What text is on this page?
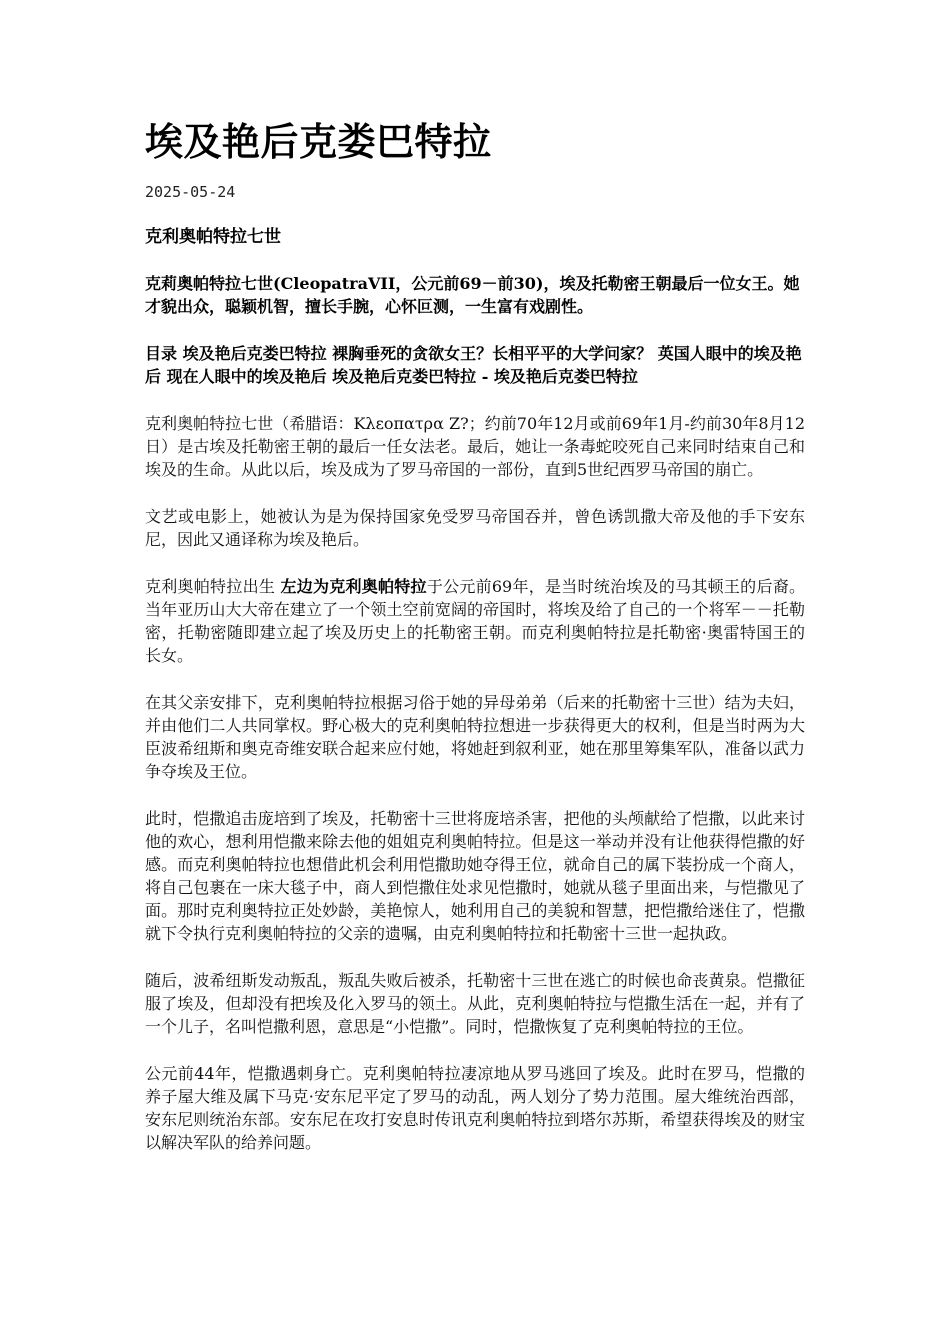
埃及艳后克娄巴特拉
2025-05-24
克利奥帕特拉七世
克莉奥帕特拉七世(CleopatraVII，公元前69－前30)，埃及托勒密王朝最后一位女王。她才貌出众，聪颖机智，擅长手腕，心怀叵测，一生富有戏剧性。
目录 埃及艳后克娄巴特拉 裸胸垂死的贪欲女王？长相平平的大学问家？ 英国人眼中的埃及艳后 现在人眼中的埃及艳后 埃及艳后克娄巴特拉 - 埃及艳后克娄巴特拉
克利奥帕特拉七世（希腊语：Κλεοπατρα Ζ?；约前70年12月或前69年1月-约前30年8月12日）是古埃及托勒密王朝的最后一任女法老。最后，她让一条毒蛇咬死自己来同时结束自己和埃及的生命。从此以后，埃及成为了罗马帝国的一部份，直到5世纪西罗马帝国的崩亡。
文艺或电影上，她被认为是为保持国家免受罗马帝国吞并，曾色诱凯撒大帝及他的手下安东尼，因此又通译称为埃及艳后。
克利奥帕特拉出生 左边为克利奥帕特拉于公元前69年，是当时统治埃及的马其顿王的后裔。当年亚历山大大帝在建立了一个领土空前宽阔的帝国时，将埃及给了自己的一个将军－－托勒密，托勒密随即建立起了埃及历史上的托勒密王朝。而克利奥帕特拉是托勒密·奥雷特国王的长女。
在其父亲安排下，克利奥帕特拉根据习俗于她的异母弟弟（后来的托勒密十三世）结为夫妇，并由他们二人共同掌权。野心极大的克利奥帕特拉想进一步获得更大的权利，但是当时两为大臣波希纽斯和奥克奇维安联合起来应付她，将她赶到叙利亚，她在那里筹集军队，准备以武力争夺埃及王位。
此时，恺撒追击庞培到了埃及，托勒密十三世将庞培杀害，把他的头颅献给了恺撒，以此来讨他的欢心，想利用恺撒来除去他的姐姐克利奥帕特拉。但是这一举动并没有让他获得恺撒的好感。而克利奥帕特拉也想借此机会利用恺撒助她夺得王位，就命自己的属下装扮成一个商人，将自己包裹在一床大毯子中，商人到恺撒住处求见恺撒时，她就从毯子里面出来，与恺撒见了面。那时克利奥特拉正处妙龄，美艳惊人，她利用自己的美貌和智慧，把恺撒给迷住了，恺撒就下令执行克利奥帕特拉的父亲的遗嘱，由克利奥帕特拉和托勒密十三世一起执政。
随后，波希纽斯发动叛乱，叛乱失败后被杀，托勒密十三世在逃亡的时候也命丧黄泉。恺撒征服了埃及，但却没有把埃及化入罗马的领土。从此，克利奥帕特拉与恺撒生活在一起，并有了一个儿子，名叫恺撒利恩，意思是“小恺撒”。同时，恺撒恢复了克利奥帕特拉的王位。
公元前44年，恺撒遇刺身亡。克利奥帕特拉凄凉地从罗马逃回了埃及。此时在罗马，恺撒的养子屋大维及属下马克·安东尼平定了罗马的动乱，两人划分了势力范围。屋大维统治西部，安东尼则统治东部。安东尼在攻打安息时传讯克利奥帕特拉到塔尔苏斯，希望获得埃及的财宝以解决军队的给养问题。
